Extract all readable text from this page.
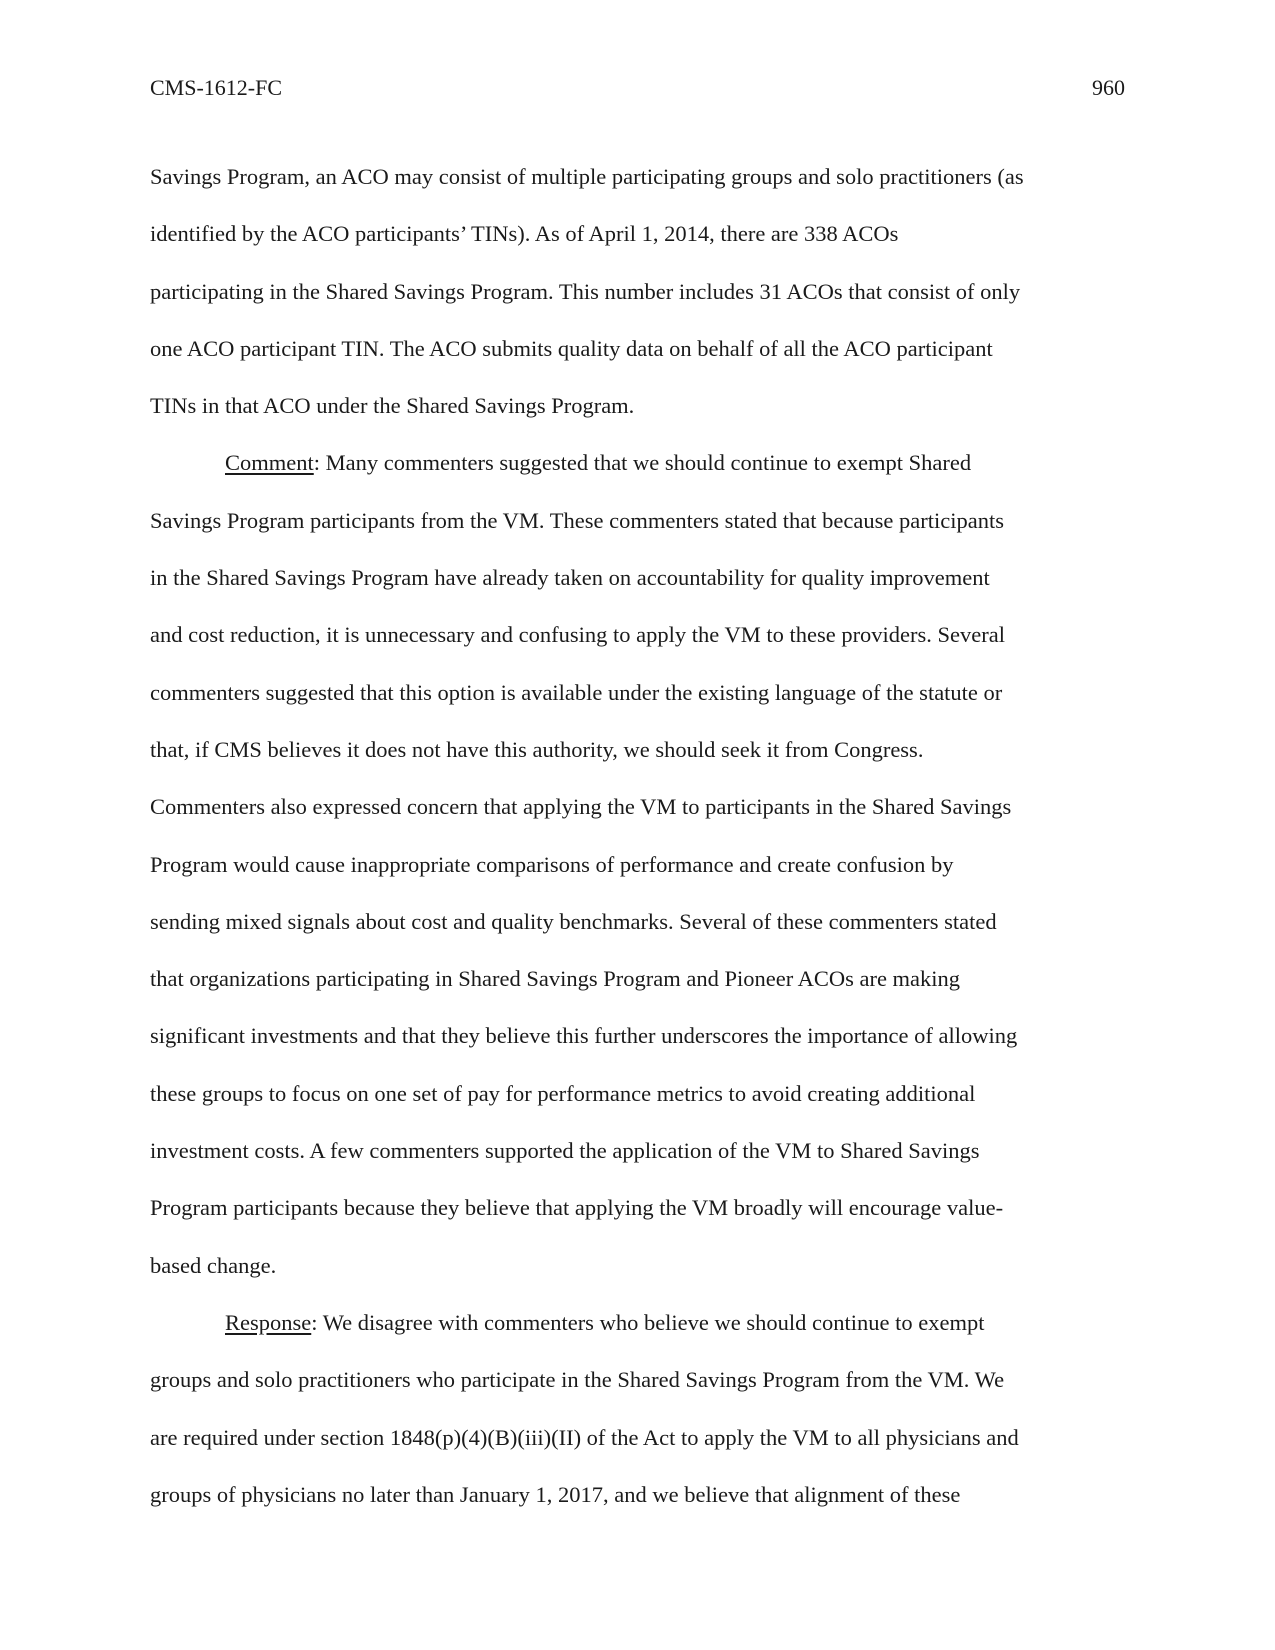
CMS-1612-FC	960
Savings Program, an ACO may consist of multiple participating groups and solo practitioners (as
identified by the ACO participants’ TINs). As of April 1, 2014, there are 338 ACOs
participating in the Shared Savings Program. This number includes 31 ACOs that consist of only
one ACO participant TIN. The ACO submits quality data on behalf of all the ACO participant
TINs in that ACO under the Shared Savings Program.
Comment: Many commenters suggested that we should continue to exempt Shared
Savings Program participants from the VM. These commenters stated that because participants
in the Shared Savings Program have already taken on accountability for quality improvement
and cost reduction, it is unnecessary and confusing to apply the VM to these providers. Several
commenters suggested that this option is available under the existing language of the statute or
that, if CMS believes it does not have this authority, we should seek it from Congress.
Commenters also expressed concern that applying the VM to participants in the Shared Savings
Program would cause inappropriate comparisons of performance and create confusion by
sending mixed signals about cost and quality benchmarks. Several of these commenters stated
that organizations participating in Shared Savings Program and Pioneer ACOs are making
significant investments and that they believe this further underscores the importance of allowing
these groups to focus on one set of pay for performance metrics to avoid creating additional
investment costs. A few commenters supported the application of the VM to Shared Savings
Program participants because they believe that applying the VM broadly will encourage value-
based change.
Response: We disagree with commenters who believe we should continue to exempt
groups and solo practitioners who participate in the Shared Savings Program from the VM. We
are required under section 1848(p)(4)(B)(iii)(II) of the Act to apply the VM to all physicians and
groups of physicians no later than January 1, 2017, and we believe that alignment of these
